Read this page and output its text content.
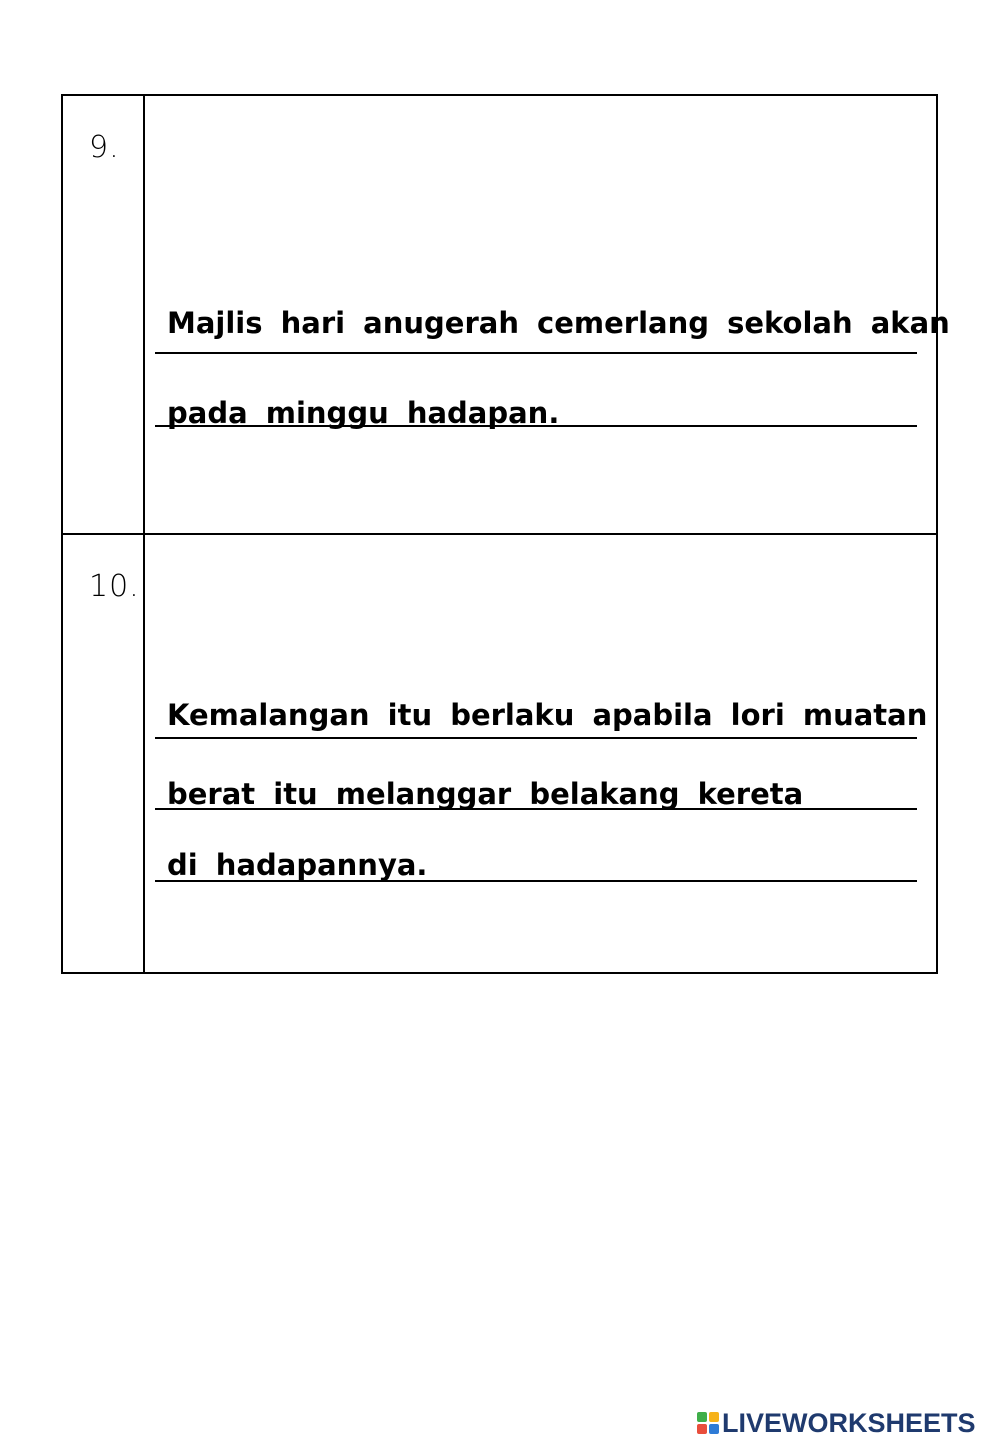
9.
Majlis hari anugerah cemerlang sekolah akan
pada minggu hadapan.
10.
Kemalangan itu berlaku apabila lori muatan
berat itu melanggar belakang kereta
di hadapannya.
LIVEWORKSHEETS
